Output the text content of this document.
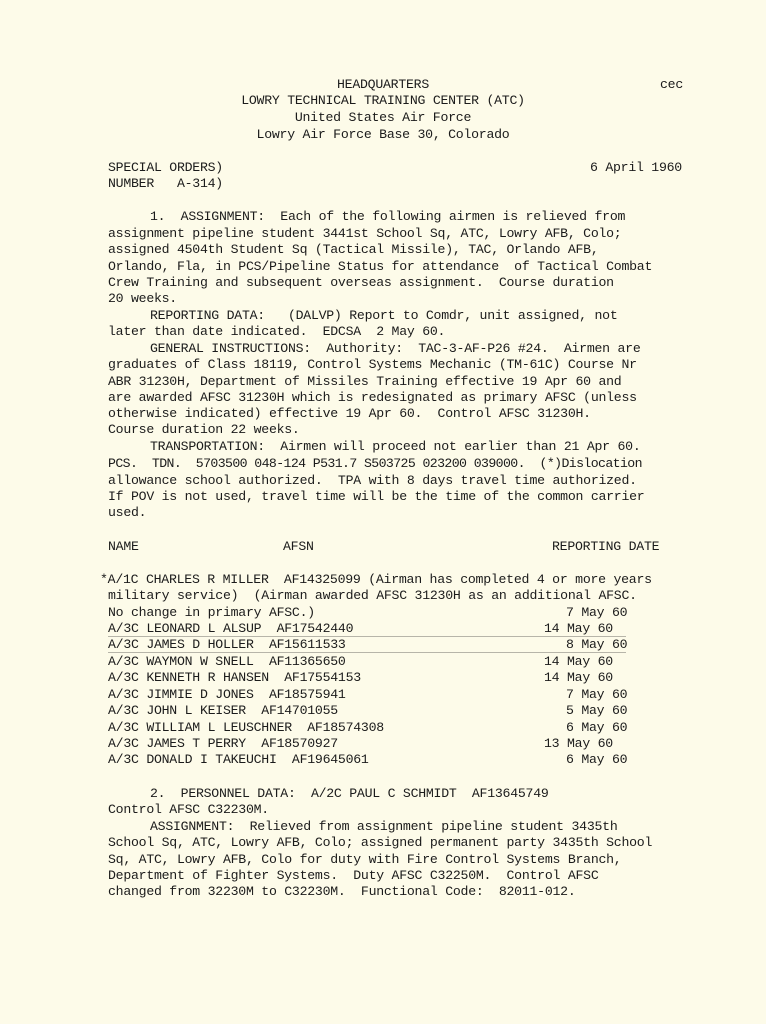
HEADQUARTERS	cec
LOWRY TECHNICAL TRAINING CENTER (ATC)
United States Air Force
Lowry Air Force Base 30, Colorado
SPECIAL ORDERS)
NUMBER   A-314)
6 April 1960
1.  ASSIGNMENT:  Each of the following airmen is relieved from
assignment pipeline student 3441st School Sq, ATC, Lowry AFB, Colo;
assigned 4504th Student Sq (Tactical Missile), TAC, Orlando AFB,
Orlando, Fla, in PCS/Pipeline Status for attendance  of Tactical Combat
Crew Training and subsequent overseas assignment.  Course duration
20 weeks.
REPORTING DATA:   (DALVP) Report to Comdr, unit assigned, not
later than date indicated.  EDCSA  2 May 60.
GENERAL INSTRUCTIONS:  Authority:  TAC-3-AF-P26 #24.  Airmen are
graduates of Class 18119, Control Systems Mechanic (TM-61C) Course Nr
ABR 31230H, Department of Missiles Training effective 19 Apr 60 and
are awarded AFSC 31230H which is redesignated as primary AFSC (unless
otherwise indicated) effective 19 Apr 60.  Control AFSC 31230H.
Course duration 22 weeks.
TRANSPORTATION:  Airmen will proceed not earlier than 21 Apr 60.
PCS.  TDN.  5703500 048-124 P531.7 S503725 023200 039000.  (*)Dislocation
allowance school authorized.  TPA with 8 days travel time authorized.
If POV is not used, travel time will be the time of the common carrier
used.
NAME	AFSN	REPORTING DATE
*A/1C CHARLES R MILLER  AF14325099 (Airman has completed 4 or more years
military service)  (Airman awarded AFSC 31230H as an additional AFSC.
No change in primary AFSC.)	7 May 60
A/3C LEONARD L ALSUP  AF17542440	14 May 60
A/3C JAMES D HOLLER  AF15611533	8 May 60
A/3C WAYMON W SNELL  AF11365650	14 May 60
A/3C KENNETH R HANSEN  AF17554153	14 May 60
A/3C JIMMIE D JONES  AF18575941	7 May 60
A/3C JOHN L KEISER  AF14701055	5 May 60
A/3C WILLIAM L LEUSCHNER  AF18574308	6 May 60
A/3C JAMES T PERRY  AF18570927	13 May 60
A/3C DONALD I TAKEUCHI  AF19645061	6 May 60
2.  PERSONNEL DATA:  A/2C PAUL C SCHMIDT  AF13645749
Control AFSC C32230M.
ASSIGNMENT:  Relieved from assignment pipeline student 3435th
School Sq, ATC, Lowry AFB, Colo; assigned permanent party 3435th School
Sq, ATC, Lowry AFB, Colo for duty with Fire Control Systems Branch,
Department of Fighter Systems.  Duty AFSC C32250M.  Control AFSC
changed from 32230M to C32230M.  Functional Code:  82011-012.
